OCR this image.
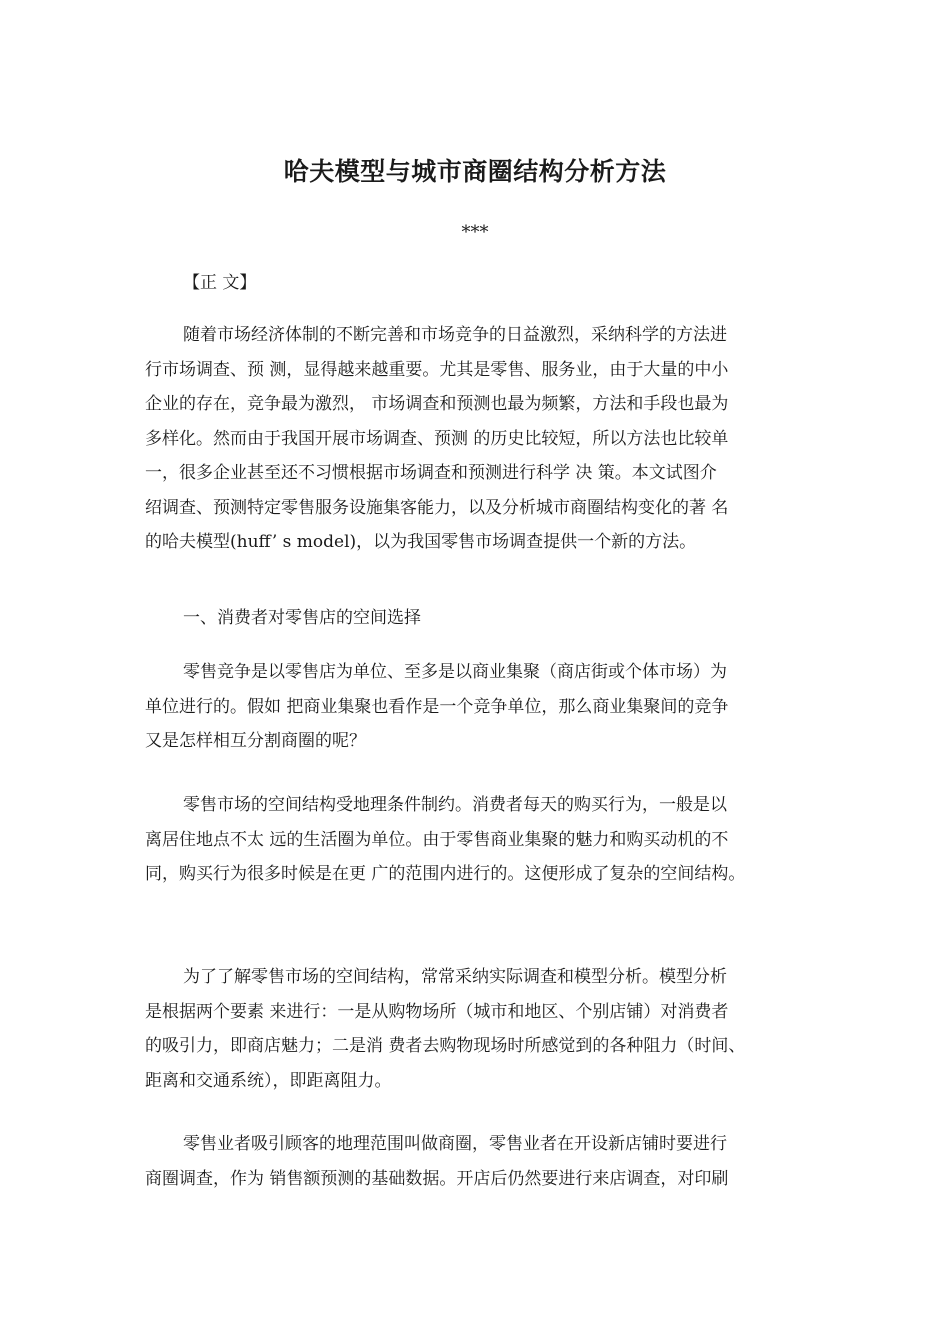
哈夫模型与城市商圈结构分析方法

***

【正 文】

随着市场经济体制的不断完善和市场竞争的日益激烈，采纳科学的方法进
行市场调查、预 测，显得越来越重要。尤其是零售、服务业，由于大量的中小
企业的存在，竞争最为激烈， 市场调查和预测也最为频繁，方法和手段也最为
多样化。然而由于我国开展市场调查、预测 的历史比较短，所以方法也比较单
一，很多企业甚至还不习惯根据市场调查和预测进行科学 决 策。本文试图介
绍调查、预测特定零售服务设施集客能力，以及分析城市商圈结构变化的著 名
的哈夫模型(huff’ s model)，以为我国零售市场调查提供一个新的方法。

一、消费者对零售店的空间选择

零售竞争是以零售店为单位、至多是以商业集聚（商店街或个体市场）为
单位进行的。假如 把商业集聚也看作是一个竞争单位，那么商业集聚间的竞争
又是怎样相互分割商圈的呢？
零售市场的空间结构受地理条件制约。消费者每天的购买行为，一般是以
离居住地点不太 远的生活圈为单位。由于零售商业集聚的魅力和购买动机的不
同，购买行为很多时候是在更 广的范围内进行的。这便形成了复杂的空间结构。
为了了解零售市场的空间结构，常常采纳实际调查和模型分析。模型分析
是根据两个要素 来进行：一是从购物场所（城市和地区、个别店铺）对消费者
的吸引力，即商店魅力；二是消 费者去购物现场时所感觉到的各种阻力（时间、
距离和交通系统），即距离阻力。
零售业者吸引顾客的地理范围叫做商圈，零售业者在开设新店铺时要进行
商圈调查，作为 销售额预测的基础数据。开店后仍然要进行来店调查，对印刷
